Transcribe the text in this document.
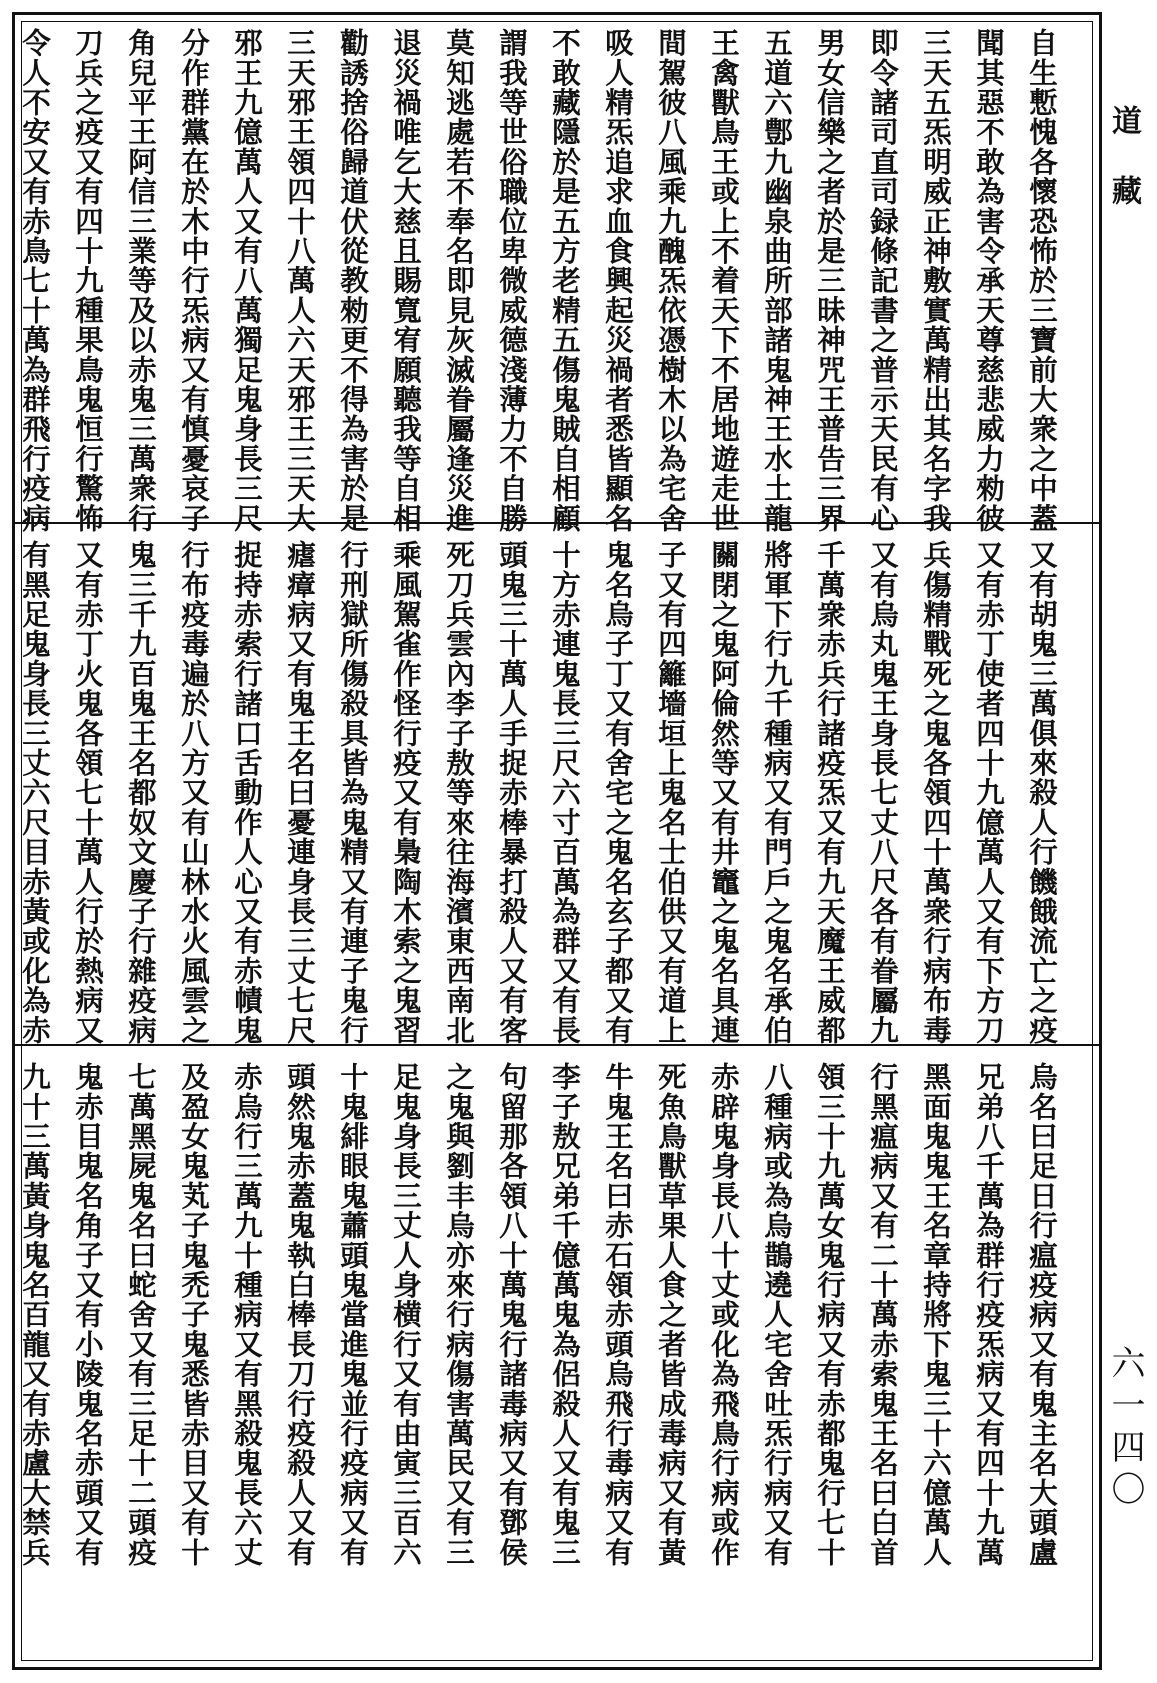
自生慙愧各懷恐怖於三寶前大衆之中蓋
聞其惡不敢為害令承天尊慈悲威力勑彼
三天五炁明威正神敷實萬精出其名字我
即令諸司直司録條記書之普示天民有心
男女信樂之者於是三昧神咒王普告三界
五道六鄷九幽泉曲所部諸鬼神王水土龍
王禽獸鳥王或上不着天下不居地遊走世
間駕彼八風乘九醜炁依憑樹木以為宅舍
吸人精炁追求血食興起災禍者悉皆顯名
不敢藏隱於是五方老精五傷鬼賊自相顧
謂我等世俗職位卑微威德淺薄力不自勝
莫知逃處若不奉名即見灰滅眷屬逢災進
退災禍唯乞大慈且賜寬宥願聽我等自相
勸誘捨俗歸道伏從教勑更不得為害於是
三天邪王領四十八萬人六天邪王三天大
邪王九億萬人又有八萬獨足鬼身長三尺
分作群黨在於木中行炁病又有慎憂哀子
角兒平王阿信三業等及以赤鬼三萬衆行
刀兵之疫又有四十九種果鳥鬼恒行驚怖
令人不安又有赤鳥七十萬為群飛行疫病
又有胡鬼三萬俱來殺人行饑餓流亡之疫
又有赤丁使者四十九億萬人又有下方刀
兵傷精戰死之鬼各領四十萬衆行病布毒
又有烏丸鬼王身長七丈八尺各有眷屬九
千萬衆赤兵行諸疫炁又有九天魔王威都
將軍下行九千種病又有門戶之鬼名承伯
關閉之鬼阿倫然等又有井竈之鬼名具連
子又有四籬墻垣上鬼名士伯供又有道上
鬼名烏子丁又有舍宅之鬼名玄子都又有
十方赤連鬼長三尺六寸百萬為群又有長
頭鬼三十萬人手捉赤棒暴打殺人又有客
死刀兵雲內李子敖等來往海濱東西南北
乘風駕雀作怪行疫又有梟陶木索之鬼習
行刑獄所傷殺具皆為鬼精又有連子鬼行
瘧瘴病又有鬼王名曰憂連身長三丈七尺
捉持赤索行諸口舌動作人心又有赤幘鬼
行布疫毒遍於八方又有山林水火風雲之
鬼三千九百鬼王名都奴文慶子行雜疫病
又有赤丁火鬼各領七十萬人行於熱病又
有黑足鬼身長三丈六尺目赤黃或化為赤
烏名曰足日行瘟疫病又有鬼主名大頭盧
兄弟八千萬為群行疫炁病又有四十九萬
黑面鬼鬼王名章持將下鬼三十六億萬人
行黑瘟病又有二十萬赤索鬼王名曰白首
領三十九萬女鬼行病又有赤都鬼行七十
八種病或為烏鵲遶人宅舍吐炁行病又有
赤辟鬼身長八十丈或化為飛鳥行病或作
死魚鳥獸草果人食之者皆成毒病又有黃
牛鬼王名曰赤石領赤頭烏飛行毒病又有
李子敖兄弟千億萬鬼為侶殺人又有鬼三
句留那各領八十萬鬼行諸毒病又有鄧侯
之鬼與劉丰烏亦來行病傷害萬民又有三
足鬼身長三丈人身横行又有由寅三百六
十鬼緋眼鬼蕭頭鬼當進鬼並行疫病又有
頭然鬼赤蓋鬼執白棒長刀行疫殺人又有
赤烏行三萬九十種病又有黑殺鬼長六丈
及盈女鬼芄子鬼禿子鬼悉皆赤目又有十
七萬黑屍鬼名曰蛇舍又有三足十二頭疫
鬼赤目鬼名角子又有小陵鬼名赤頭又有
九十三萬黃身鬼名百龍又有赤盧大禁兵
道藏
六一四〇
